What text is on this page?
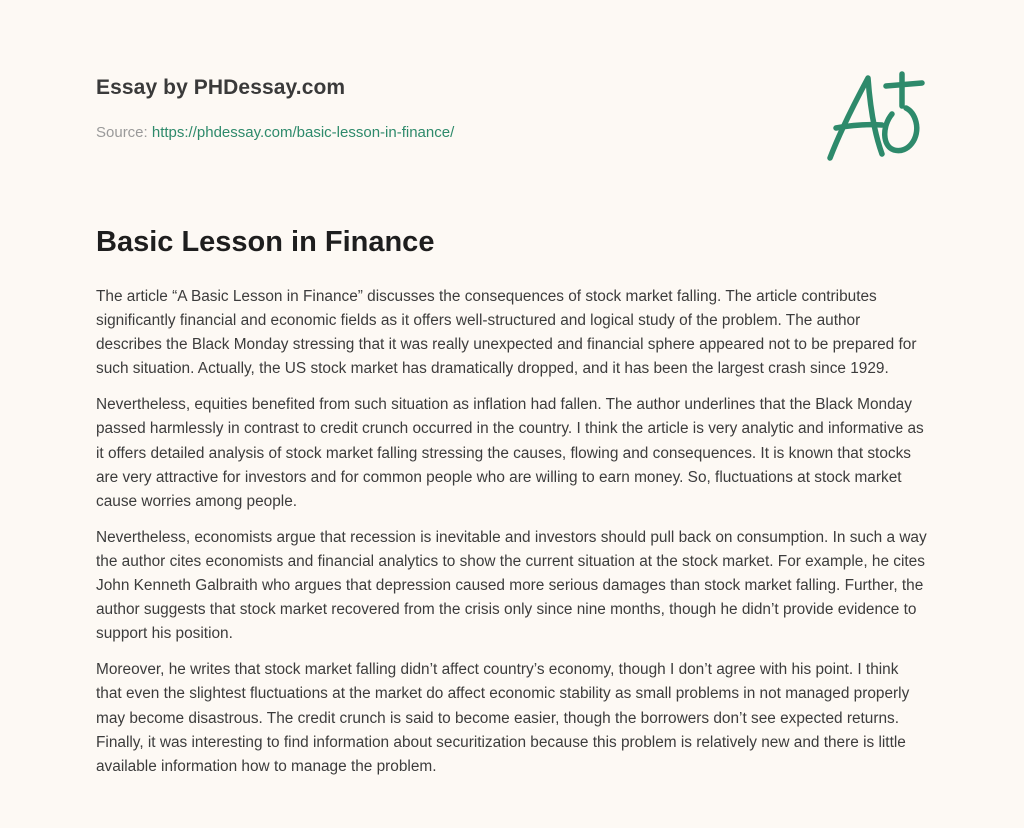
Essay by PHDessay.com
Source: https://phdessay.com/basic-lesson-in-finance/
Basic Lesson in Finance

The article “A Basic Lesson in Finance” discusses the consequences of stock market falling. The article contributes significantly financial and economic fields as it offers well-structured and logical study of the problem. The author describes the Black Monday stressing that it was really unexpected and financial sphere appeared not to be prepared for such situation. Actually, the US stock market has dramatically dropped, and it has been the largest crash since 1929.

Nevertheless, equities benefited from such situation as inflation had fallen. The author underlines that the Black Monday passed harmlessly in contrast to credit crunch occurred in the country. I think the article is very analytic and informative as it offers detailed analysis of stock market falling stressing the causes, flowing and consequences. It is known that stocks are very attractive for investors and for common people who are willing to earn money. So, fluctuations at stock market cause worries among people.

Nevertheless, economists argue that recession is inevitable and investors should pull back on consumption. In such a way the author cites economists and financial analytics to show the current situation at the stock market. For example, he cites John Kenneth Galbraith who argues that depression caused more serious damages than stock market falling. Further, the author suggests that stock market recovered from the crisis only since nine months, though he didn’t provide evidence to support his position.

Moreover, he writes that stock market falling didn’t affect country’s economy, though I don’t agree with his point. I think that even the slightest fluctuations at the market do affect economic stability as small problems in not managed properly may become disastrous. The credit crunch is said to become easier, though the borrowers don’t see expected returns. Finally, it was interesting to find information about securitization because this problem is relatively new and there is little available information how to manage the problem.
